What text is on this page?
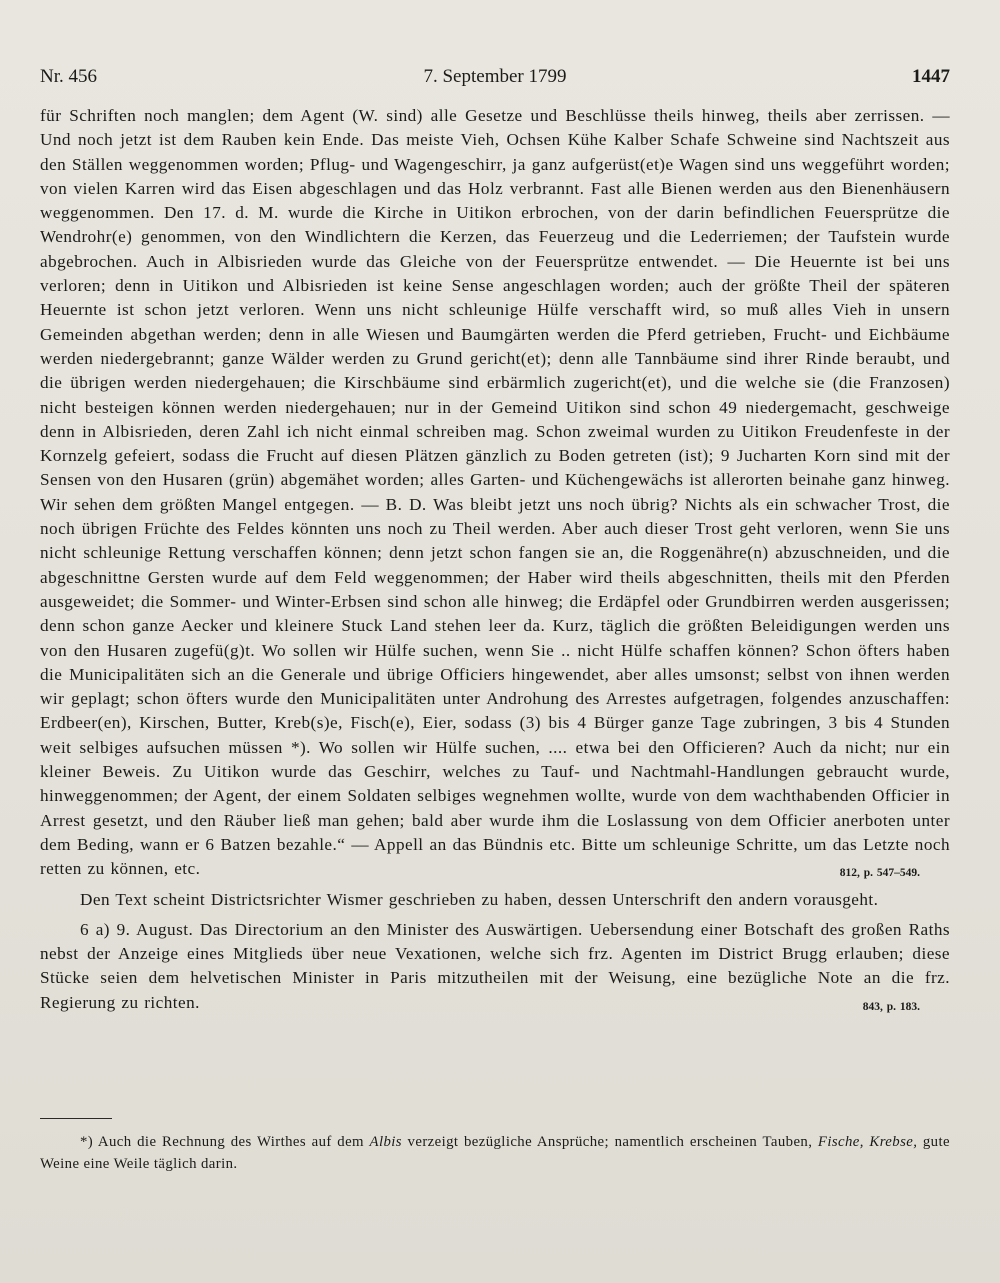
Nr. 456	7. September 1799	1447

für Schriften noch manglen; dem Agent (W. sind) alle Gesetze und Beschlüsse theils hinweg, theils aber zerrissen. — Und noch jetzt ist dem Rauben kein Ende. Das meiste Vieh, Ochsen Kühe Kalber Schafe Schweine sind Nachtszeit aus den Ställen weggenommen worden; Pflug- und Wagengeschirr, ja ganz aufgerüst(et)e Wagen sind uns weggeführt worden; von vielen Karren wird das Eisen abgeschlagen und das Holz verbrannt. Fast alle Bienen werden aus den Bienenhäusern weggenommen. Den 17. d. M. wurde die Kirche in Uitikon erbrochen, von der darin befindlichen Feuersprütze die Wendrohr(e) genommen, von den Windlichtern die Kerzen, das Feuerzeug und die Lederriemen; der Taufstein wurde abgebrochen. Auch in Albisrieden wurde das Gleiche von der Feuersprütze entwendet. — Die Heuernte ist bei uns verloren; denn in Uitikon und Albisrieden ist keine Sense angeschlagen worden; auch der größte Theil der späteren Heuernte ist schon jetzt verloren. Wenn uns nicht schleunige Hülfe verschafft wird, so muß alles Vieh in unsern Gemeinden abgethan werden; denn in alle Wiesen und Baumgärten werden die Pferd getrieben, Frucht- und Eichbäume werden niedergebrannt; ganze Wälder werden zu Grund gericht(et); denn alle Tannbäume sind ihrer Rinde beraubt, und die übrigen werden niedergehauen; die Kirschbäume sind erbärmlich zugericht(et), und die welche sie (die Franzosen) nicht besteigen können werden niedergehauen; nur in der Gemeind Uitikon sind schon 49 niedergemacht, geschweige denn in Albisrieden, deren Zahl ich nicht einmal schreiben mag. Schon zweimal wurden zu Uitikon Freudenfeste in der Kornzelg gefeiert, sodass die Frucht auf diesen Plätzen gänzlich zu Boden getreten (ist); 9 Jucharten Korn sind mit der Sensen von den Husaren (grün) abgemähet worden; alles Garten- und Küchengewächs ist allerorten beinahe ganz hinweg. Wir sehen dem größten Mangel entgegen. — B. D. Was bleibt jetzt uns noch übrig? Nichts als ein schwacher Trost, die noch übrigen Früchte des Feldes könnten uns noch zu Theil werden. Aber auch dieser Trost geht verloren, wenn Sie uns nicht schleunige Rettung verschaffen können; denn jetzt schon fangen sie an, die Roggenähre(n) abzuschneiden, und die abgeschnittne Gersten wurde auf dem Feld weggenommen; der Haber wird theils abgeschnitten, theils mit den Pferden ausgeweidet; die Sommer- und Winter-Erbsen sind schon alle hinweg; die Erdäpfel oder Grundbirren werden ausgerissen; denn schon ganze Aecker und kleinere Stuck Land stehen leer da. Kurz, täglich die größten Beleidigungen werden uns von den Husaren zugefü(g)t. Wo sollen wir Hülfe suchen, wenn Sie .. nicht Hülfe schaffen können? Schon öfters haben die Municipalitäten sich an die Generale und übrige Officiers hingewendet, aber alles umsonst; selbst von ihnen werden wir geplagt; schon öfters wurde den Municipalitäten unter Androhung des Arrestes aufgetragen, folgendes anzuschaffen: Erdbeer(en), Kirschen, Butter, Kreb(s)e, Fisch(e), Eier, sodass (3) bis 4 Bürger ganze Tage zubringen, 3 bis 4 Stunden weit selbiges aufsuchen müssen *). Wo sollen wir Hülfe suchen, .... etwa bei den Officieren? Auch da nicht; nur ein kleiner Beweis. Zu Uitikon wurde das Geschirr, welches zu Tauf- und Nachtmahl-Handlungen gebraucht wurde, hinweggenommen; der Agent, der einem Soldaten selbiges wegnehmen wollte, wurde von dem wachthabenden Officier in Arrest gesetzt, und den Räuber ließ man gehen; bald aber wurde ihm die Loslassung von dem Officier anerboten unter dem Beding, wann er 6 Batzen bezahle.“ — Appell an das Bündnis etc. Bitte um schleunige Schritte, um das Letzte noch retten zu können, etc.	812, p. 547–549.

Den Text scheint Districtsrichter Wismer geschrieben zu haben, dessen Unterschrift den andern vorausgeht.

6 a) 9. August. Das Directorium an den Minister des Auswärtigen. Uebersendung einer Botschaft des großen Raths nebst der Anzeige eines Mitglieds über neue Vexationen, welche sich frz. Agenten im District Brugg erlauben; diese Stücke seien dem helvetischen Minister in Paris mitzutheilen mit der Weisung, eine bezügliche Note an die frz. Regierung zu richten.	843, p. 183.

*) Auch die Rechnung des Wirthes auf dem Albis verzeigt bezügliche Ansprüche; namentlich erscheinen Tauben, Fische, Krebse, gute Weine eine Weile täglich darin.
